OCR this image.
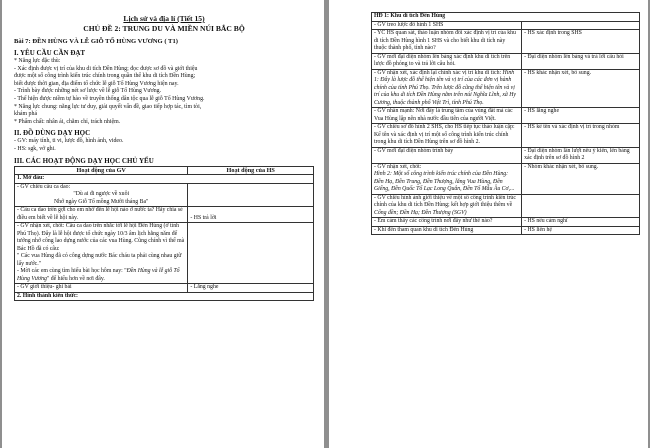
Lịch sử và địa lí (Tiết 15)
CHỦ ĐỀ 2: TRUNG DU VÀ MIỀN NÚI BẮC BỘ
Bài 7: ĐỀN HÙNG VÀ LỄ GIỖ TỔ HÙNG VƯƠNG ( T1)
I. YÊU CẦU CẦN ĐẠT
* Năng lực đặc thù:
- Xác định được vị trí của khu di tích Đền Hùng; đọc được sơ đồ và giới thiệu
được một số công trình kiến trúc chính trong quần thể khu di tích Đền Hùng;
biết được thời gian, địa điểm tổ chức lễ giỗ Tổ Hùng Vương hiện nay.
- Trình bày được những nét sơ lược về lễ giỗ Tổ Hùng Vương.
- Thể hiện được niềm tự hào về truyền thống dân tộc qua lễ giỗ Tổ Hùng Vương.
* Năng lực chung: năng lực tư duy, giải quyết vấn đề, giao tiếp hợp tác, tìm tòi,
khám phá
* Phẩm chất: nhân ái, chăm chỉ, trách nhiệm.
II. ĐỒ DÙNG DẠY HỌC
- GV: máy tính, ti vi, lược đồ, hình ảnh, video.
- HS: sgk, vở ghi.
III. CÁC HOẠT ĐỘNG DẠY HỌC CHỦ YẾU
Hoạt động của GV	Hoạt động của HS
1. Mở đầu:	

- GV chiếu câu ca dao:
"Dù ai đi ngược về xuôi
Nhớ ngày Giỗ Tổ mồng Mười tháng Ba"	

- Câu ca dao trên gợi cho em nhớ đến lễ hội nào ở nước ta? Hãy chia sẻ điều em biết về lễ hội này.	- HS trả lời

- GV nhận xét, chốt: Câu ca dao trên nhắc tới lễ hội Đền Hùng (ở tỉnh Phú Thọ). Đây là lễ hội được tổ chức ngày 10/3 âm lịch hằng năm để tưởng nhớ công lao dựng nước của các vua Hùng. Cũng chính vì thế mà Bác Hồ đã có câu:
" Các vua Hùng đã có công dựng nước Bác cháu ta phải cùng nhau giữ lấy nước."
- Mời các em cùng tìm hiểu bài học hôm nay: "Đền Hùng và lễ giỗ Tổ Hùng Vương" để hiểu hơn về nơi đây.	

- GV giới thiệu- ghi bài	- Lắng nghe
2. Hình thành kiến thức:	
HĐ 1: Khu di tích Đền Hùng	
- GV treo lược đồ hình 1 SHS	
- YC HS quan sát, thảo luận nhóm đôi xác định vị trí của khu di tích Đền Hùng hình 1 SHS và cho biết khu di tích này thuộc thành phố, tỉnh nào?	- HS xác định trong SHS
- GV mời đại diện nhóm lên bảng xác định khu di tích trên lược đồ phóng to và trả lời câu hỏi.	- Đại diện nhóm lên bảng và trả lời câu hỏi
- GV nhận xét, xác định lại chính xác vị trí khu di tích: Hình 1: Đây là lược đồ thể hiện tên và vị trí của các đơn vị hành chính của tỉnh Phú Thọ. Trên lược đồ cũng thể hiện tên và vị trí của khu di tích Đền Hùng nằm trên núi Nghĩa Lĩnh, xã Hy Cương, thuộc thành phố Việt Trì, tỉnh Phú Thọ.	- HS khác nhận xét, bổ sung.
- GV nhấn mạnh: Nơi đây là trung tâm của vùng đất mà các Vua Hùng lập nên nhà nước đầu tiên của người Việt.	- HS lắng nghe
- GV chiếu sơ đồ hình 2 SHS, cho HS tiếp tục thảo luận cặp: Kể tên và xác định vị trí một số công trình kiến trúc chính trong khu di tích Đền Hùng trên sơ đồ hình 2.	- HS kể tên và xác định vị trí trong nhóm
- GV mời đại diện nhóm trình bày	- Đại diện nhóm lần lượt nêu ý kiến, lên bảng xác định trên sơ đồ hình 2
- GV nhận xét, chốt:
Hình 2: Một số công trình kiến trúc chính của Đền Hùng: Đền Hạ, Đền Trung, Đền Thượng, lăng Vua Hùng, Đền Giếng, Đền Quốc Tổ Lạc Long Quân, Đền Tổ Mẫu Âu Cơ,...	- Nhóm khác nhận xét, bổ sung.
- GV chiếu hình ảnh giới thiệu về một số công trình kiến trúc chính của khu di tích Đền Hùng; kết hợp giới thiệu thêm về Cổng đền; Đền Hạ; Đền Thượng (SGV)	
- Em cảm thấy các công trình nơi đây như thế nào?	- HS nêu cảm nghĩ
- Khi đến tham quan khu di tích Đền Hùng	- HS liên hệ
